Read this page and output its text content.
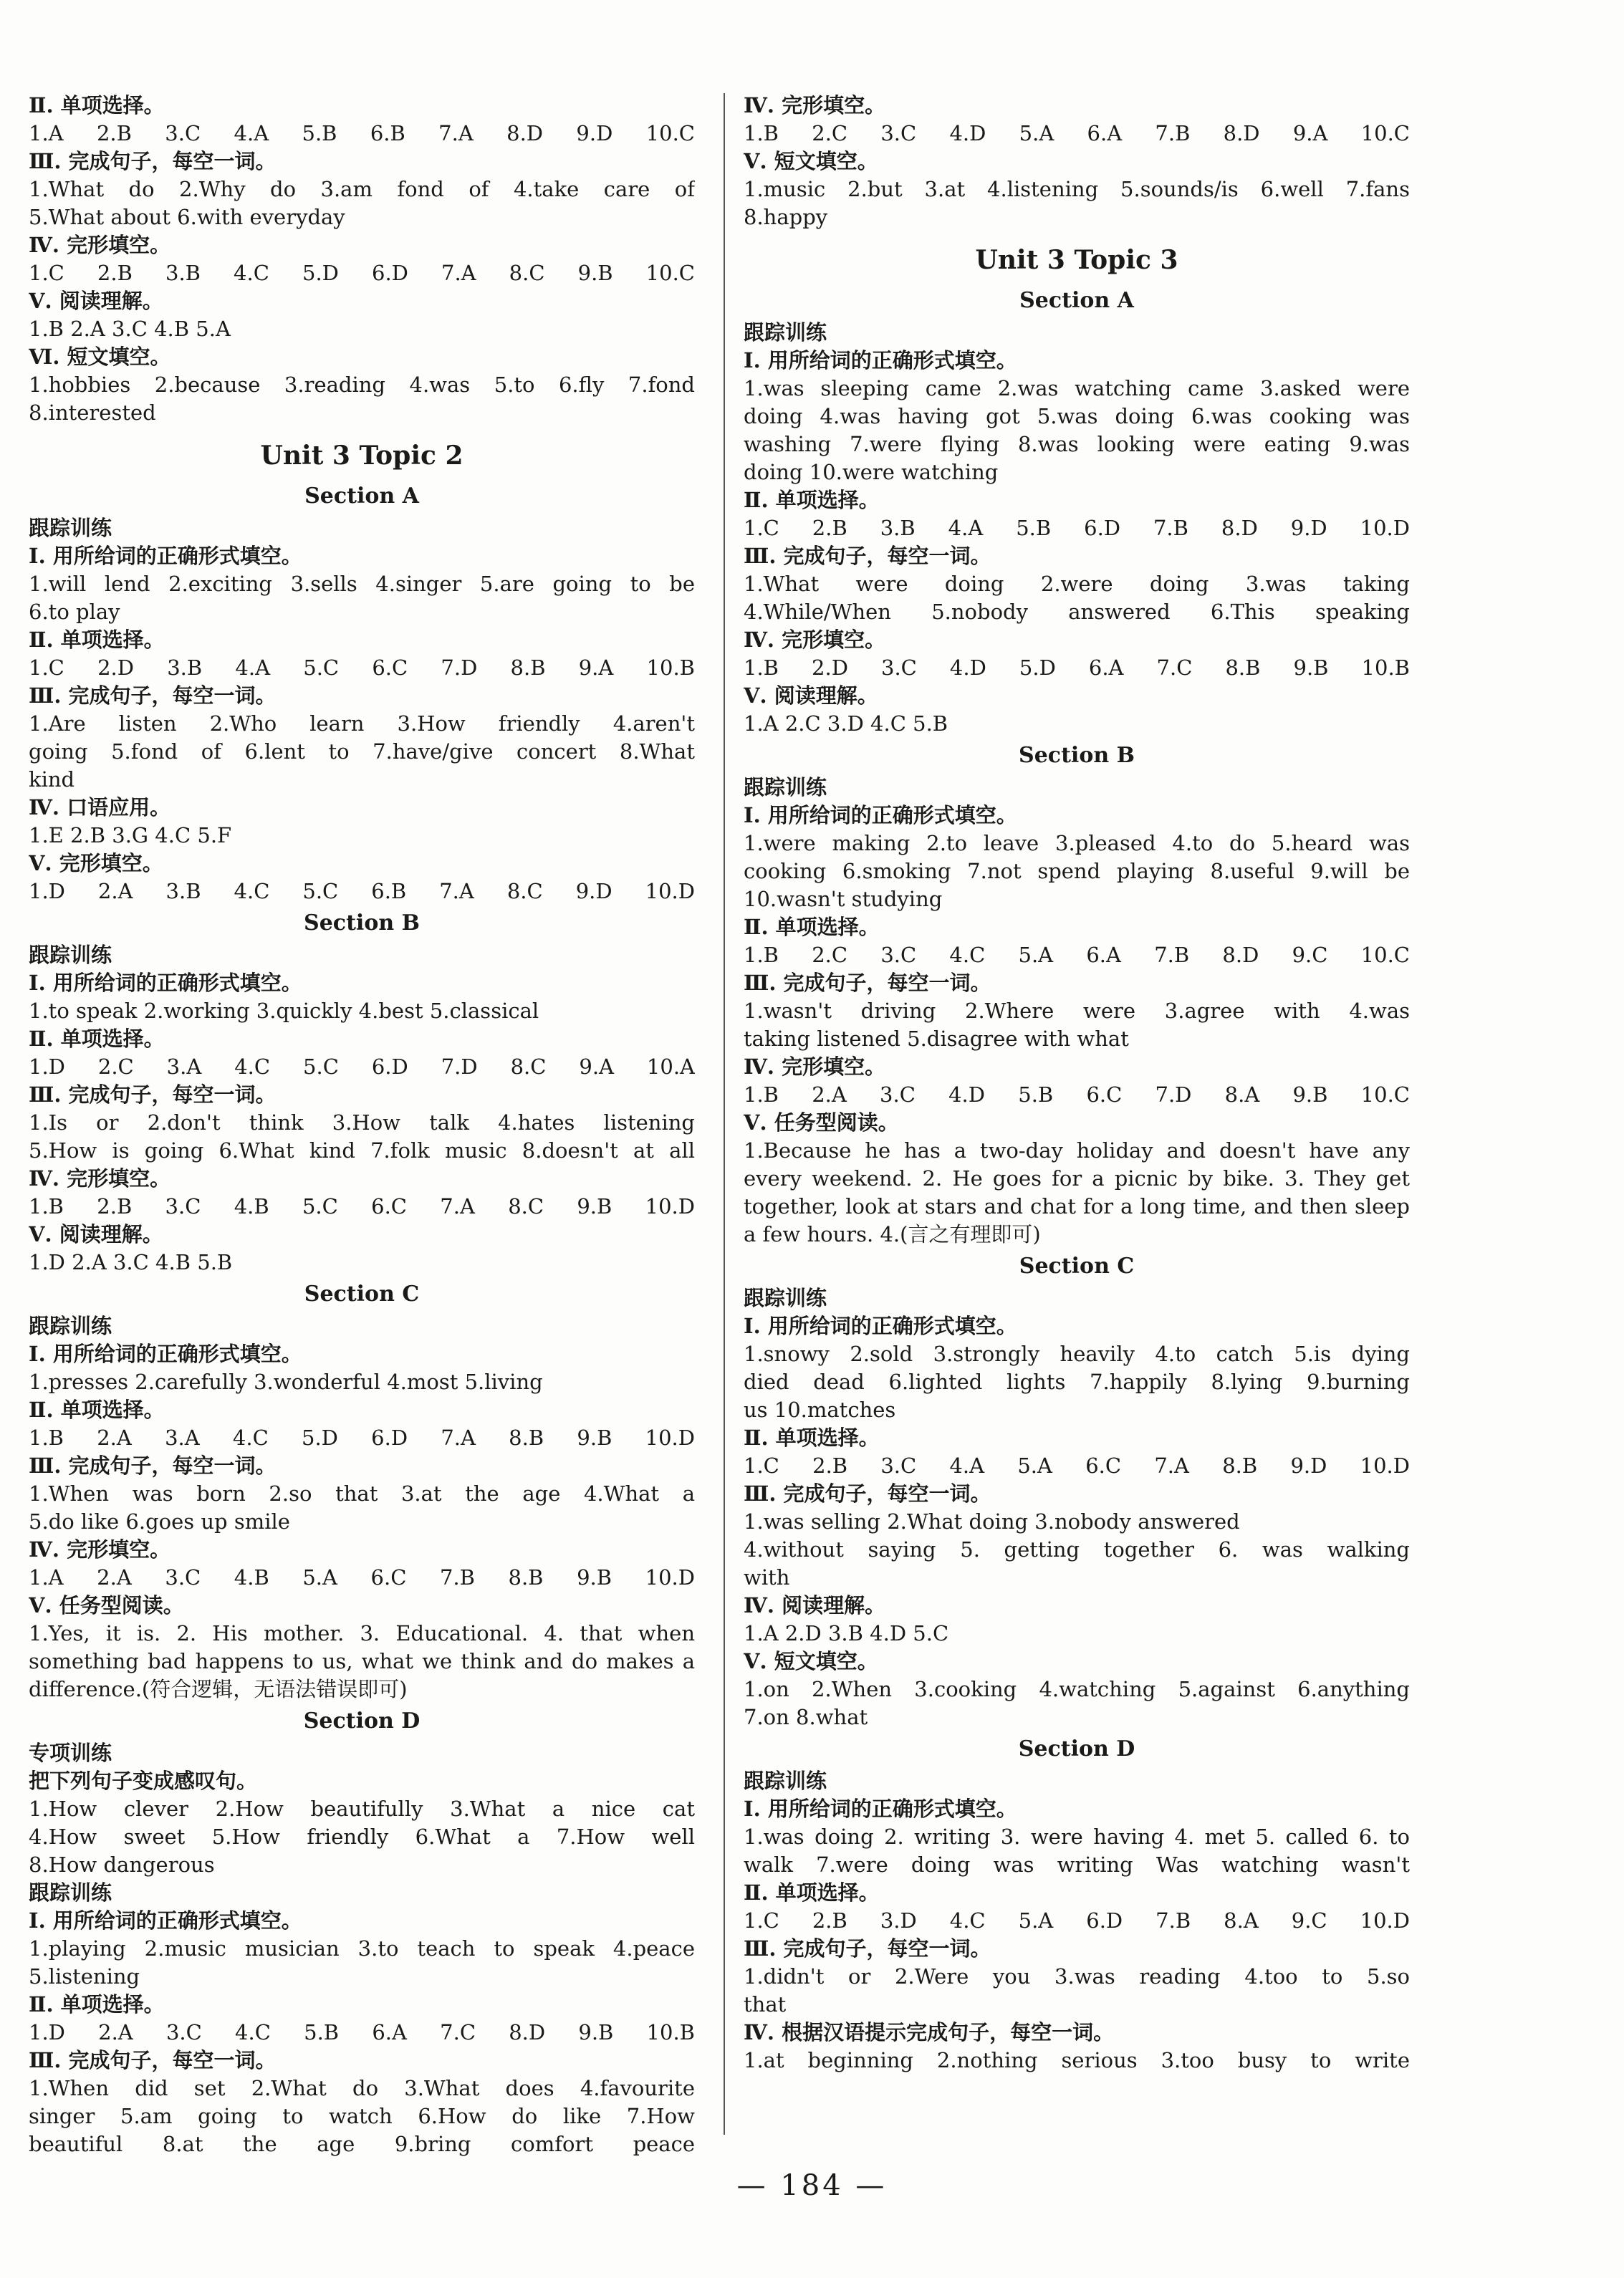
Ⅱ. 单项选择。
1.A 2.B 3.C 4.A 5.B 6.B 7.A 8.D 9.D 10.C
Ⅲ. 完成句子，每空一词。
1.What do 2.Why do 3.am fond of 4.take care of
5.What about 6.with everyday
Ⅳ. 完形填空。
1.C 2.B 3.B 4.C 5.D 6.D 7.A 8.C 9.B 10.C
Ⅴ. 阅读理解。
1.B 2.A 3.C 4.B 5.A
Ⅵ. 短文填空。
1.hobbies 2.because 3.reading 4.was 5.to 6.fly 7.fond
8.interested
Unit 3 Topic 2
Section A
跟踪训练
Ⅰ. 用所给词的正确形式填空。
1.will lend 2.exciting 3.sells 4.singer 5.are going to be
6.to play
Ⅱ. 单项选择。
1.C 2.D 3.B 4.A 5.C 6.C 7.D 8.B 9.A 10.B
Ⅲ. 完成句子，每空一词。
1.Are listen 2.Who learn 3.How friendly 4.aren't
going 5.fond of 6.lent to 7.have/give concert 8.What
kind
Ⅳ. 口语应用。
1.E 2.B 3.G 4.C 5.F
Ⅴ. 完形填空。
1.D 2.A 3.B 4.C 5.C 6.B 7.A 8.C 9.D 10.D
Section B
跟踪训练
Ⅰ. 用所给词的正确形式填空。
1.to speak 2.working 3.quickly 4.best 5.classical
Ⅱ. 单项选择。
1.D 2.C 3.A 4.C 5.C 6.D 7.D 8.C 9.A 10.A
Ⅲ. 完成句子，每空一词。
1.Is or 2.don't think 3.How talk 4.hates listening
5.How is going 6.What kind 7.folk music 8.doesn't at all
Ⅳ. 完形填空。
1.B 2.B 3.C 4.B 5.C 6.C 7.A 8.C 9.B 10.D
Ⅴ. 阅读理解。
1.D 2.A 3.C 4.B 5.B
Section C
跟踪训练
Ⅰ. 用所给词的正确形式填空。
1.presses 2.carefully 3.wonderful 4.most 5.living
Ⅱ. 单项选择。
1.B 2.A 3.A 4.C 5.D 6.D 7.A 8.B 9.B 10.D
Ⅲ. 完成句子，每空一词。
1.When was born 2.so that 3.at the age 4.What a
5.do like 6.goes up smile
Ⅳ. 完形填空。
1.A 2.A 3.C 4.B 5.A 6.C 7.B 8.B 9.B 10.D
Ⅴ. 任务型阅读。
1.Yes, it is. 2. His mother. 3. Educational. 4. that when
something bad happens to us, what we think and do makes a
difference.(符合逻辑，无语法错误即可)
Section D
专项训练
把下列句子变成感叹句。
1.How clever 2.How beautifully 3.What a nice cat
4.How sweet 5.How friendly 6.What a 7.How well
8.How dangerous
跟踪训练
Ⅰ. 用所给词的正确形式填空。
1.playing 2.music musician 3.to teach to speak 4.peace
5.listening
Ⅱ. 单项选择。
1.D 2.A 3.C 4.C 5.B 6.A 7.C 8.D 9.B 10.B
Ⅲ. 完成句子，每空一词。
1.When did set 2.What do 3.What does 4.favourite
singer 5.am going to watch 6.How do like 7.How
beautiful 8.at the age 9.bring comfort peace
Ⅳ. 完形填空。
1.B 2.C 3.C 4.D 5.A 6.A 7.B 8.D 9.A 10.C
Ⅴ. 短文填空。
1.music 2.but 3.at 4.listening 5.sounds/is 6.well 7.fans
8.happy
Unit 3 Topic 3
Section A
跟踪训练
Ⅰ. 用所给词的正确形式填空。
1.was sleeping came 2.was watching came 3.asked were
doing 4.was having got 5.was doing 6.was cooking was
washing 7.were flying 8.was looking were eating 9.was
doing 10.were watching
Ⅱ. 单项选择。
1.C 2.B 3.B 4.A 5.B 6.D 7.B 8.D 9.D 10.D
Ⅲ. 完成句子，每空一词。
1.What were doing 2.were doing 3.was taking
4.While/When 5.nobody answered 6.This speaking
Ⅳ. 完形填空。
1.B 2.D 3.C 4.D 5.D 6.A 7.C 8.B 9.B 10.B
Ⅴ. 阅读理解。
1.A 2.C 3.D 4.C 5.B
Section B
跟踪训练
Ⅰ. 用所给词的正确形式填空。
1.were making 2.to leave 3.pleased 4.to do 5.heard was
cooking 6.smoking 7.not spend playing 8.useful 9.will be
10.wasn't studying
Ⅱ. 单项选择。
1.B 2.C 3.C 4.C 5.A 6.A 7.B 8.D 9.C 10.C
Ⅲ. 完成句子，每空一词。
1.wasn't driving 2.Where were 3.agree with 4.was
taking listened 5.disagree with what
Ⅳ. 完形填空。
1.B 2.A 3.C 4.D 5.B 6.C 7.D 8.A 9.B 10.C
Ⅴ. 任务型阅读。
1.Because he has a two-day holiday and doesn't have any
every weekend. 2. He goes for a picnic by bike. 3. They get
together, look at stars and chat for a long time, and then sleep
a few hours. 4.(言之有理即可)
Section C
跟踪训练
Ⅰ. 用所给词的正确形式填空。
1.snowy 2.sold 3.strongly heavily 4.to catch 5.is dying
died dead 6.lighted lights 7.happily 8.lying 9.burning
us 10.matches
Ⅱ. 单项选择。
1.C 2.B 3.C 4.A 5.A 6.C 7.A 8.B 9.D 10.D
Ⅲ. 完成句子，每空一词。
1.was selling 2.What doing 3.nobody answered
4.without saying 5. getting together 6. was walking
with
Ⅳ. 阅读理解。
1.A 2.D 3.B 4.D 5.C
Ⅴ. 短文填空。
1.on 2.When 3.cooking 4.watching 5.against 6.anything
7.on 8.what
Section D
跟踪训练
Ⅰ. 用所给词的正确形式填空。
1.was doing 2. writing 3. were having 4. met 5. called 6. to
walk 7.were doing was writing Was watching wasn't
Ⅱ. 单项选择。
1.C 2.B 3.D 4.C 5.A 6.D 7.B 8.A 9.C 10.D
Ⅲ. 完成句子，每空一词。
1.didn't or 2.Were you 3.was reading 4.too to 5.so
that
Ⅳ. 根据汉语提示完成句子，每空一词。
1.at beginning 2.nothing serious 3.too busy to write
— 184 —
